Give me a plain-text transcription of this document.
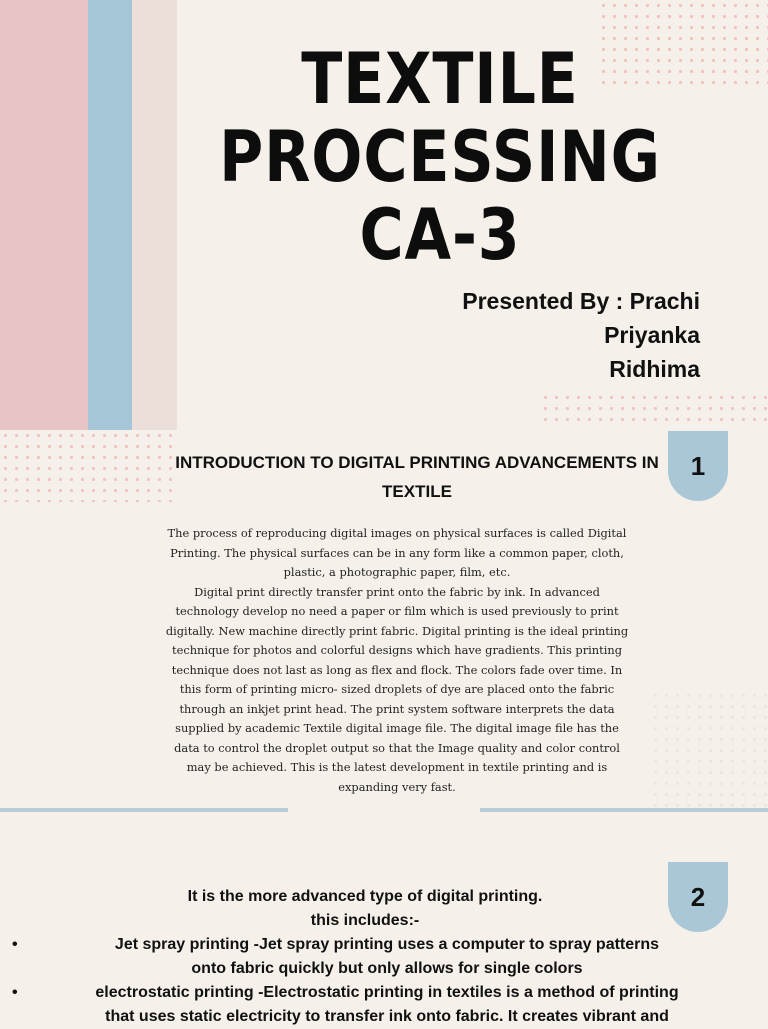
TEXTILE
PROCESSING
CA-3
Presented By : Prachi
Priyanka
Ridhima
1
INTRODUCTION TO DIGITAL PRINTING ADVANCEMENTS IN
TEXTILE

The process of reproducing digital images on physical surfaces is called Digital

Printing. The physical surfaces can be in any form like a common paper, cloth,

plastic, a photographic paper, film, etc.

Digital print directly transfer print onto the fabric by ink. In advanced

technology develop no need a paper or film which is used previously to print

digitally. New machine directly print fabric. Digital printing is the ideal printing

technique for photos and colorful designs which have gradients. This printing

technique does not last as long as flex and flock. The colors fade over time. In

this form of printing micro- sized droplets of dye are placed onto the fabric

through an inkjet print head. The print system software interprets the data

supplied by academic Textile digital image file. The digital image file has the

data to control the droplet output so that the Image quality and color control

may be achieved. This is the latest development in textile printing and is

expanding very fast.

2
It is the more advanced type of digital printing.
this includes:-
•	Jet spray printing -Jet spray printing uses a computer to spray patterns
onto fabric quickly but only allows for single colors
•	electrostatic printing -Electrostatic printing in textiles is a method of printing
that uses static electricity to transfer ink onto fabric. It creates vibrant and
